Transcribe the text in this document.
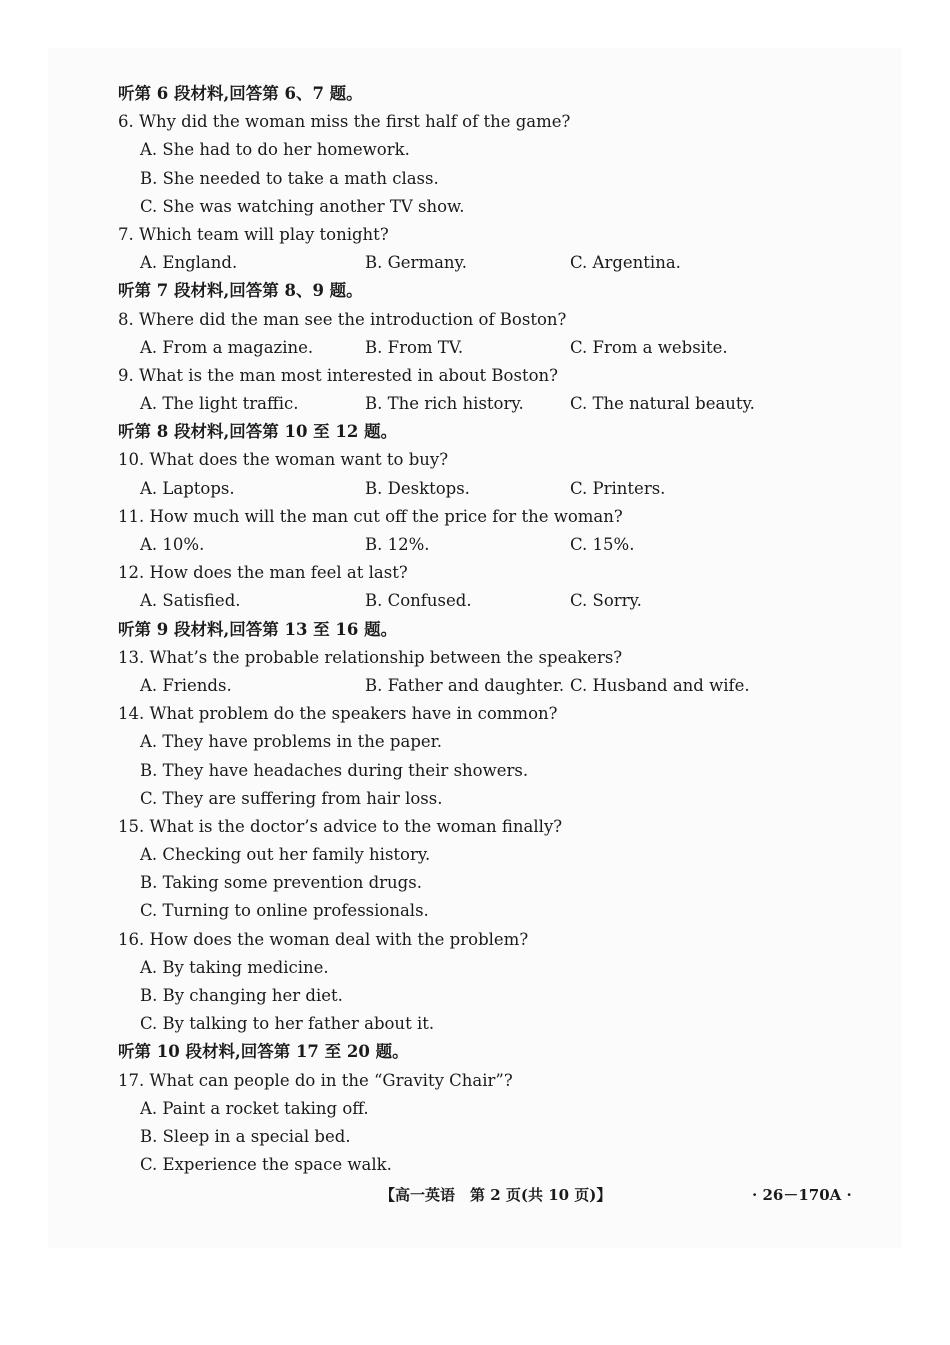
听第 6 段材料,回答第 6、7 题。
6. Why did the woman miss the first half of the game?
A. She had to do her homework.
B. She needed to take a math class.
C. She was watching another TV show.
7. Which team will play tonight?
A. England.	B. Germany.	C. Argentina.
听第 7 段材料,回答第 8、9 题。
8. Where did the man see the introduction of Boston?
A. From a magazine.	B. From TV.	C. From a website.
9. What is the man most interested in about Boston?
A. The light traffic.	B. The rich history.	C. The natural beauty.
听第 8 段材料,回答第 10 至 12 题。
10. What does the woman want to buy?
A. Laptops.	B. Desktops.	C. Printers.
11. How much will the man cut off the price for the woman?
A. 10%.	B. 12%.	C. 15%.
12. How does the man feel at last?
A. Satisfied.	B. Confused.	C. Sorry.
听第 9 段材料,回答第 13 至 16 题。
13. What’s the probable relationship between the speakers?
A. Friends.	B. Father and daughter. C. Husband and wife.
14. What problem do the speakers have in common?
A. They have problems in the paper.
B. They have headaches during their showers.
C. They are suffering from hair loss.
15. What is the doctor’s advice to the woman finally?
A. Checking out her family history.
B. Taking some prevention drugs.
C. Turning to online professionals.
16. How does the woman deal with the problem?
A. By taking medicine.
B. By changing her diet.
C. By talking to her father about it.
听第 10 段材料,回答第 17 至 20 题。
17. What can people do in the “Gravity Chair”?
A. Paint a rocket taking off.
B. Sleep in a special bed.
C. Experience the space walk.
【高一英语　第 2 页(共 10 页)】	· 26－170A ·
